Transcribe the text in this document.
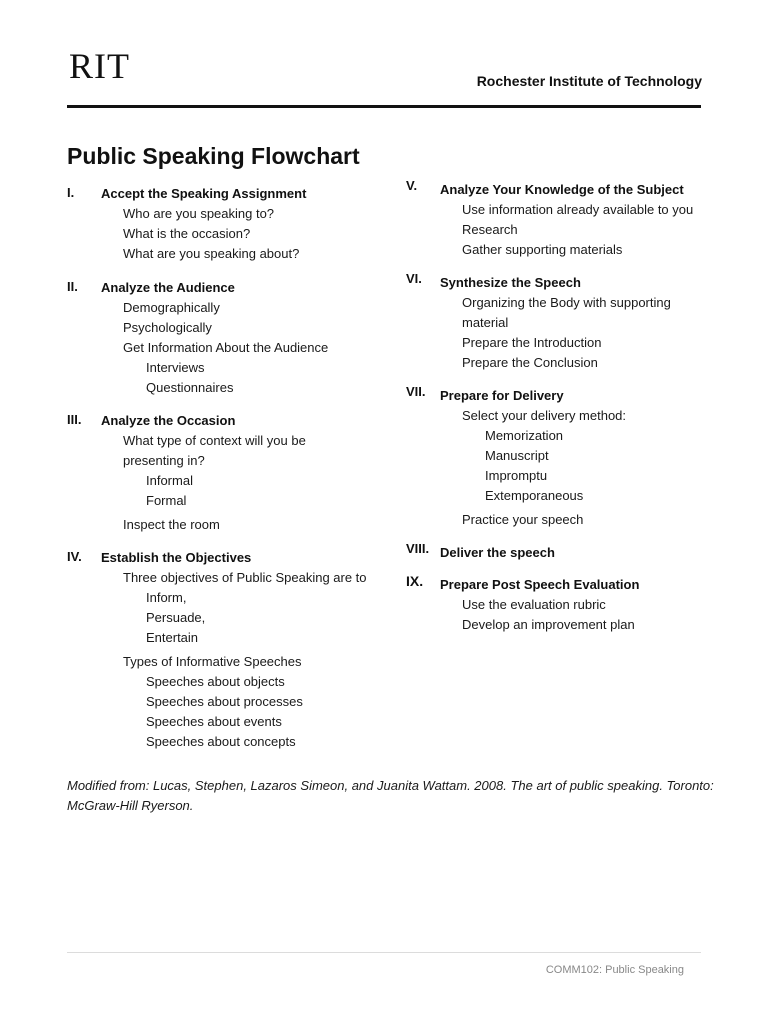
RIT	Rochester Institute of Technology
Public Speaking Flowchart
I. Accept the Speaking Assignment
Who are you speaking to?
What is the occasion?
What are you speaking about?
II. Analyze the Audience
Demographically
Psychologically
Get Information About the Audience
Interviews
Questionnaires
III. Analyze the Occasion
What type of context will you be
presenting in?
Informal
Formal
Inspect the room
IV. Establish the Objectives
Three objectives of Public Speaking are to
Inform,
Persuade,
Entertain
Types of Informative Speeches
Speeches about objects
Speeches about processes
Speeches about events
Speeches about concepts
V. Analyze Your Knowledge of the Subject
Use information already available to you
Research
Gather supporting materials
VI. Synthesize the Speech
Organizing the Body with supporting
material
Prepare the Introduction
Prepare the Conclusion
VII. Prepare for Delivery
Select your delivery method:
Memorization
Manuscript
Impromptu
Extemporaneous
Practice your speech
VIII. Deliver the speech
IX. Prepare Post Speech Evaluation
Use the evaluation rubric
Develop an improvement plan
Modified from: Lucas, Stephen, Lazaros Simeon, and Juanita Wattam. 2008. The art of public speaking. Toronto: McGraw-Hill Ryerson.
COMM102: Public Speaking
